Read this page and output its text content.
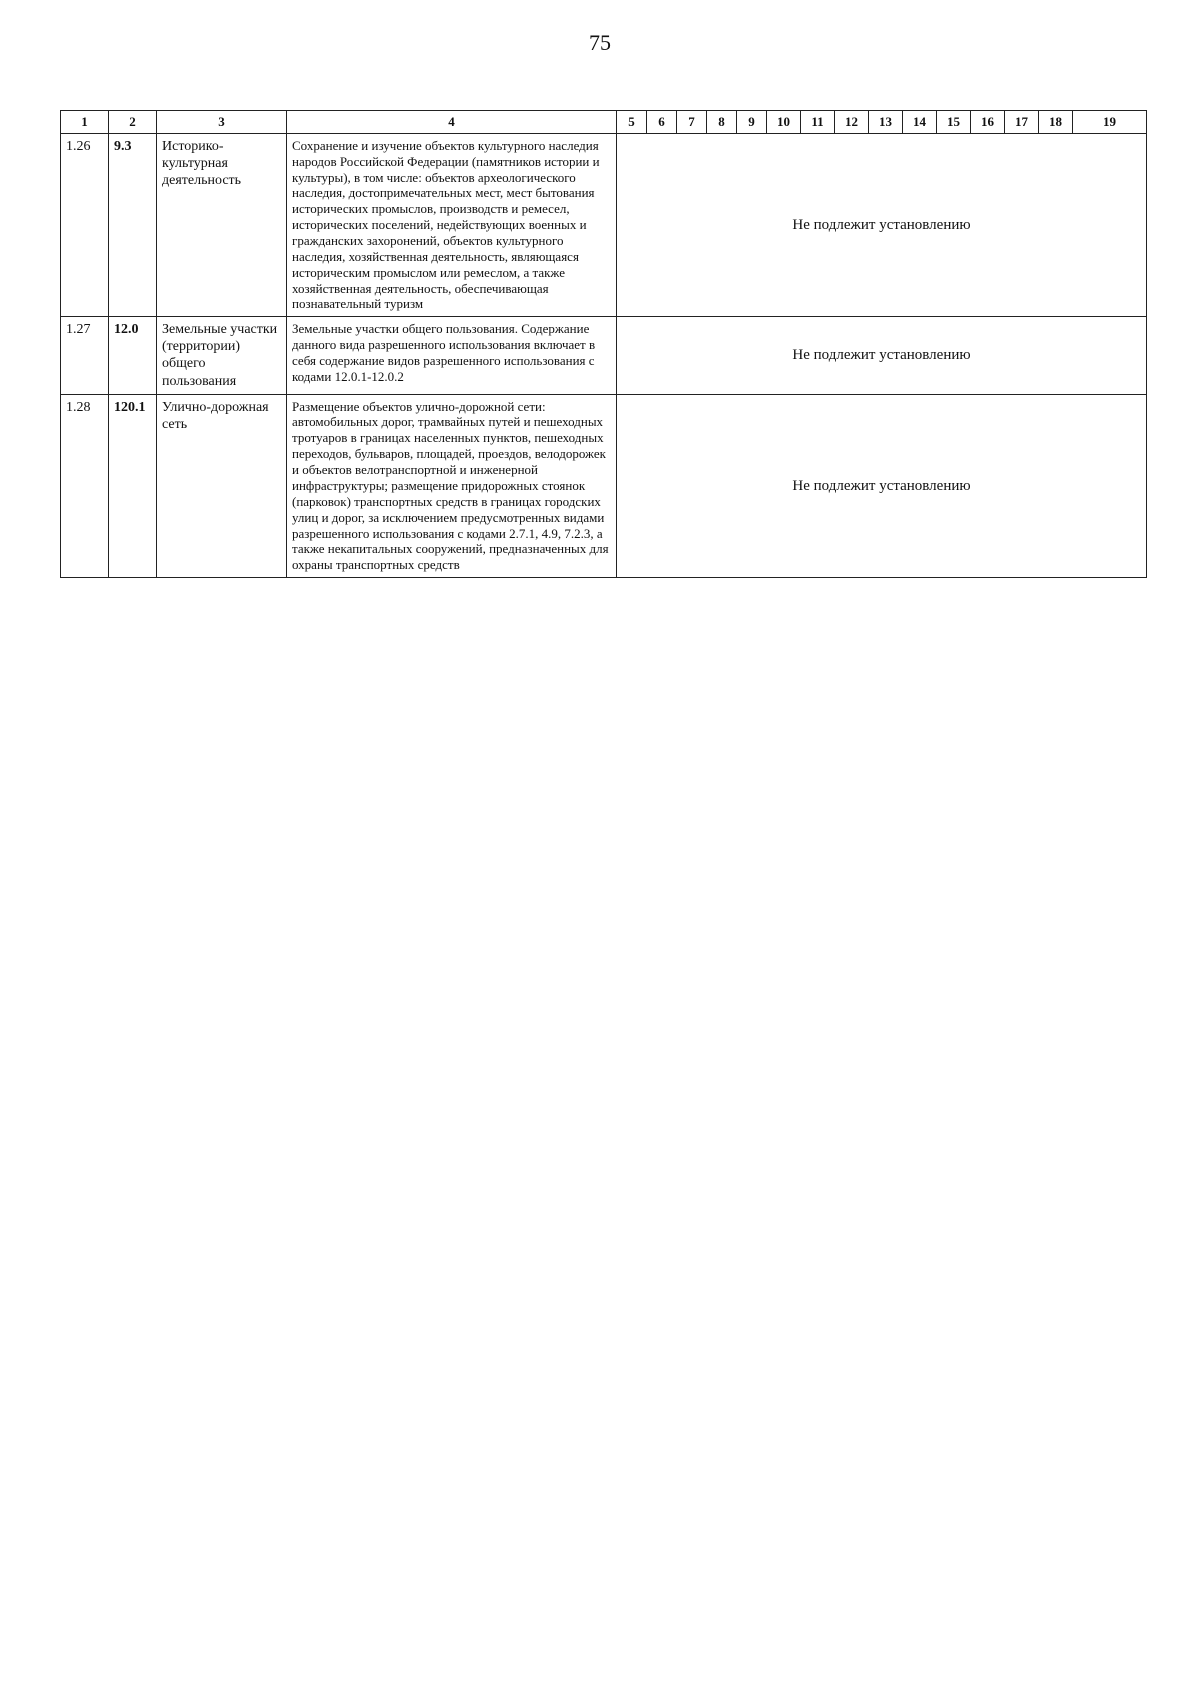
75
1	2	3	4	5	6	7	8	9	10	11	12	13	14	15	16	17	18	19
1.26	9.3	Историко-культурная деятельность	Сохранение и изучение объектов культурного наследия народов Российской Федерации (памятников истории и культуры), в том числе: объектов археологического наследия, достопримечательных мест, мест бытования исторических промыслов, производств и ремесел, исторических поселений, недействующих военных и гражданских захоронений, объектов культурного наследия, хозяйственная деятельность, являющаяся историческим промыслом или ремеслом, а также хозяйственная деятельность, обеспечивающая познавательный туризм	Не подлежит установлению														
1.27	12.0	Земельные участки (территории) общего пользования	Земельные участки общего пользования. Содержание данного вида разрешенного использования включает в себя содержание видов разрешенного использования с кодами 12.0.1-12.0.2	Не подлежит установлению														
1.28	120.1	Улично-дорожная сеть	Размещение объектов улично-дорожной сети: автомобильных дорог, трамвайных путей и пешеходных тротуаров в границах населенных пунктов, пешеходных переходов, бульваров, площадей, проездов, велодорожек и объектов велотранспортной и инженерной инфраструктуры; размещение придорожных стоянок (парковок) транспортных средств в границах городских улиц и дорог, за исключением предусмотренных видами разрешенного использования с кодами 2.7.1, 4.9, 7.2.3, а также некапитальных сооружений, предназначенных для охраны транспортных средств	Не подлежит установлению														
